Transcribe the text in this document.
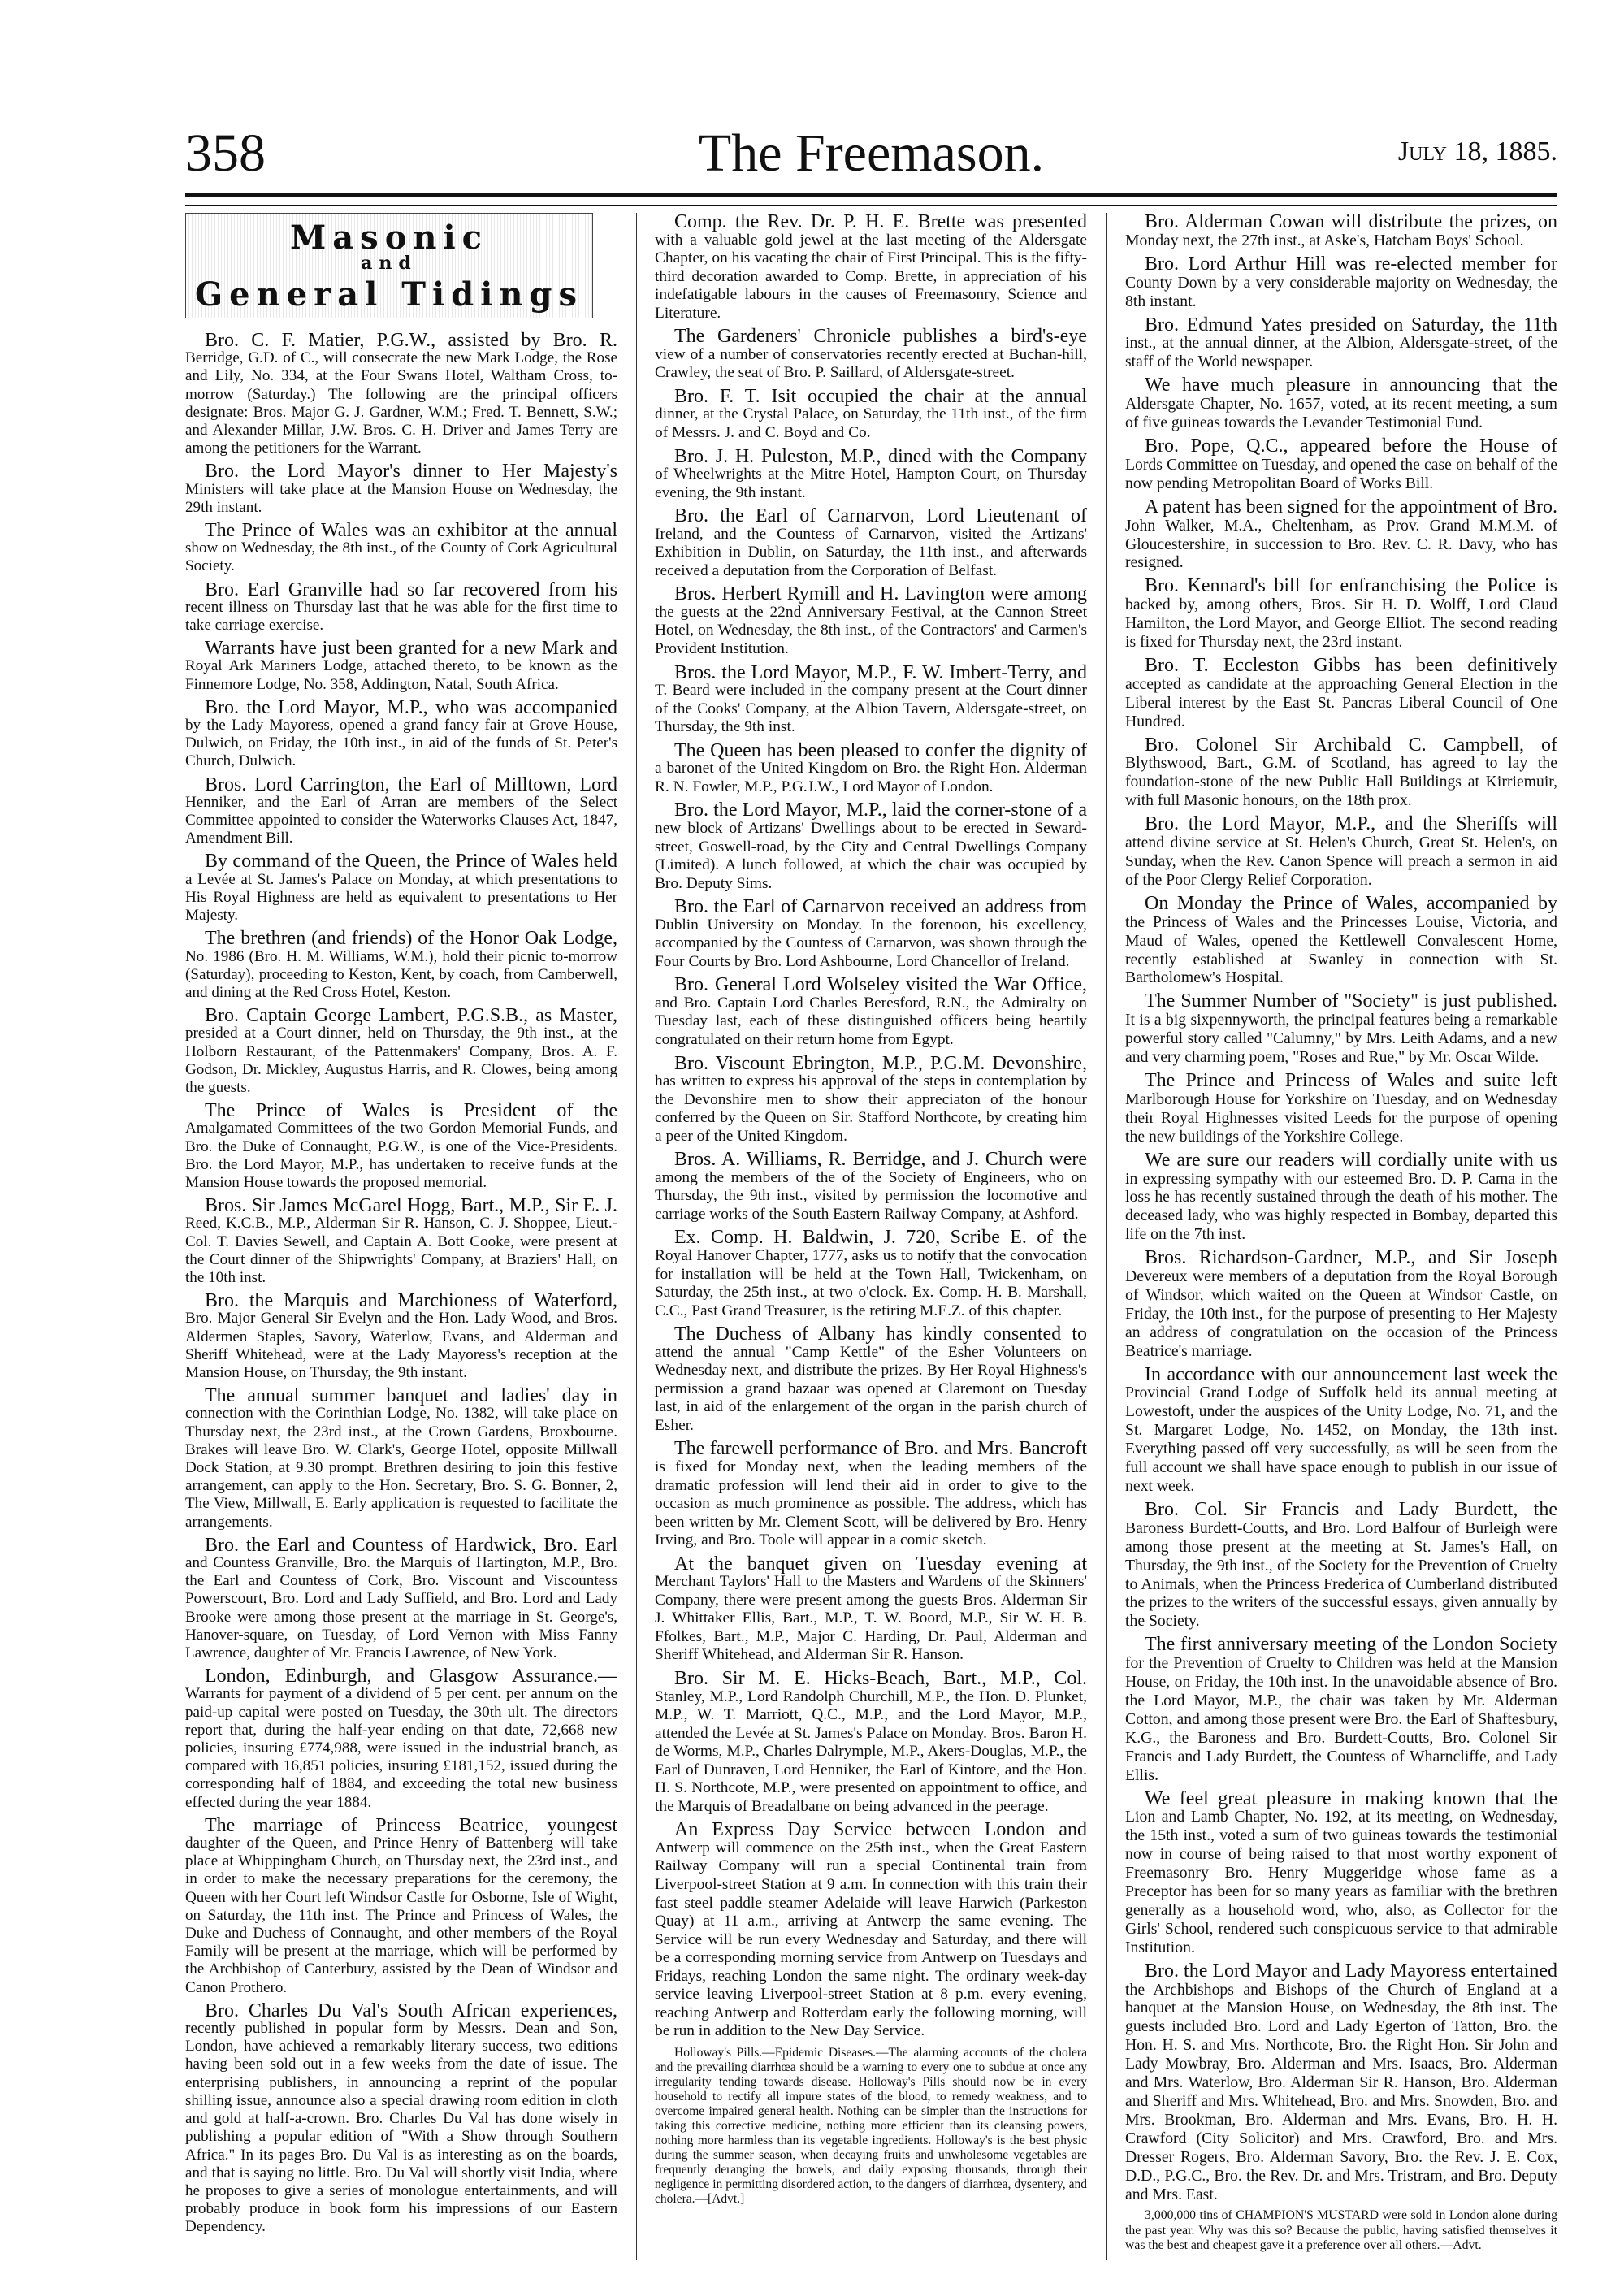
358	The Freemason.	July 18, 1885.
Masonic
and
General Tidings

Bro. C. F. Matier, P.G.W., assisted by Bro. R. Berridge, G.D. of C., will consecrate the new Mark Lodge, the Rose and Lily, No. 334, at the Four Swans Hotel, Waltham Cross, to-morrow (Saturday.) The following are the principal officers designate: Bros. Major G. J. Gardner, W.M.; Fred. T. Bennett, S.W.; and Alexander Millar, J.W. Bros. C. H. Driver and James Terry are among the petitioners for the Warrant.

Bro. the Lord Mayor's dinner to Her Majesty's Ministers will take place at the Mansion House on Wednesday, the 29th instant.

The Prince of Wales was an exhibitor at the annual show on Wednesday, the 8th inst., of the County of Cork Agricultural Society.

Bro. Earl Granville had so far recovered from his recent illness on Thursday last that he was able for the first time to take carriage exercise.

Warrants have just been granted for a new Mark and Royal Ark Mariners Lodge, attached thereto, to be known as the Finnemore Lodge, No. 358, Addington, Natal, South Africa.

Bro. the Lord Mayor, M.P., who was accompanied by the Lady Mayoress, opened a grand fancy fair at Grove House, Dulwich, on Friday, the 10th inst., in aid of the funds of St. Peter's Church, Dulwich.

Bros. Lord Carrington, the Earl of Milltown, Lord Henniker, and the Earl of Arran are members of the Select Committee appointed to consider the Waterworks Clauses Act, 1847, Amendment Bill.

By command of the Queen, the Prince of Wales held a Levée at St. James's Palace on Monday, at which presentations to His Royal Highness are held as equivalent to presentations to Her Majesty.

The brethren (and friends) of the Honor Oak Lodge, No. 1986 (Bro. H. M. Williams, W.M.), hold their picnic to-morrow (Saturday), proceeding to Keston, Kent, by coach, from Camberwell, and dining at the Red Cross Hotel, Keston.

Bro. Captain George Lambert, P.G.S.B., as Master, presided at a Court dinner, held on Thursday, the 9th inst., at the Holborn Restaurant, of the Pattenmakers' Company, Bros. A. F. Godson, Dr. Mickley, Augustus Harris, and R. Clowes, being among the guests.

The Prince of Wales is President of the Amalgamated Committees of the two Gordon Memorial Funds, and Bro. the Duke of Connaught, P.G.W., is one of the Vice-Presidents. Bro. the Lord Mayor, M.P., has undertaken to receive funds at the Mansion House towards the proposed memorial.

Bros. Sir James McGarel Hogg, Bart., M.P., Sir E. J. Reed, K.C.B., M.P., Alderman Sir R. Hanson, C. J. Shoppee, Lieut.-Col. T. Davies Sewell, and Captain A. Bott Cooke, were present at the Court dinner of the Shipwrights' Company, at Braziers' Hall, on the 10th inst.

Bro. the Marquis and Marchioness of Waterford, Bro. Major General Sir Evelyn and the Hon. Lady Wood, and Bros. Aldermen Staples, Savory, Waterlow, Evans, and Alderman and Sheriff Whitehead, were at the Lady Mayoress's reception at the Mansion House, on Thursday, the 9th instant.

The annual summer banquet and ladies' day in connection with the Corinthian Lodge, No. 1382, will take place on Thursday next, the 23rd inst., at the Crown Gardens, Broxbourne. Brakes will leave Bro. W. Clark's, George Hotel, opposite Millwall Dock Station, at 9.30 prompt. Brethren desiring to join this festive arrangement, can apply to the Hon. Secretary, Bro. S. G. Bonner, 2, The View, Millwall, E. Early application is requested to facilitate the arrangements.

Bro. the Earl and Countess of Hardwick, Bro. Earl and Countess Granville, Bro. the Marquis of Hartington, M.P., Bro. the Earl and Countess of Cork, Bro. Viscount and Viscountess Powerscourt, Bro. Lord and Lady Suffield, and Bro. Lord and Lady Brooke were among those present at the marriage in St. George's, Hanover-square, on Tuesday, of Lord Vernon with Miss Fanny Lawrence, daughter of Mr. Francis Lawrence, of New York.

London, Edinburgh, and Glasgow Assurance.—Warrants for payment of a dividend of 5 per cent. per annum on the paid-up capital were posted on Tuesday, the 30th ult. The directors report that, during the half-year ending on that date, 72,668 new policies, insuring £774,988, were issued in the industrial branch, as compared with 16,851 policies, insuring £181,152, issued during the corresponding half of 1884, and exceeding the total new business effected during the year 1884.

The marriage of Princess Beatrice, youngest daughter of the Queen, and Prince Henry of Battenberg will take place at Whippingham Church, on Thursday next, the 23rd inst., and in order to make the necessary preparations for the ceremony, the Queen with her Court left Windsor Castle for Osborne, Isle of Wight, on Saturday, the 11th inst. The Prince and Princess of Wales, the Duke and Duchess of Connaught, and other members of the Royal Family will be present at the marriage, which will be performed by the Archbishop of Canterbury, assisted by the Dean of Windsor and Canon Prothero.

Bro. Charles Du Val's South African experiences, recently published in popular form by Messrs. Dean and Son, London, have achieved a remarkably literary success, two editions having been sold out in a few weeks from the date of issue. The enterprising publishers, in announcing a reprint of the popular shilling issue, announce also a special drawing room edition in cloth and gold at half-a-crown. Bro. Charles Du Val has done wisely in publishing a popular edition of "With a Show through Southern Africa." In its pages Bro. Du Val is as interesting as on the boards, and that is saying no little. Bro. Du Val will shortly visit India, where he proposes to give a series of monologue entertainments, and will probably produce in book form his impressions of our Eastern Dependency.

Comp. the Rev. Dr. P. H. E. Brette was presented with a valuable gold jewel at the last meeting of the Aldersgate Chapter, on his vacating the chair of First Principal. This is the fifty-third decoration awarded to Comp. Brette, in appreciation of his indefatigable labours in the causes of Freemasonry, Science and Literature.

The Gardeners' Chronicle publishes a bird's-eye view of a number of conservatories recently erected at Buchan-hill, Crawley, the seat of Bro. P. Saillard, of Aldersgate-street.

Bro. F. T. Isit occupied the chair at the annual dinner, at the Crystal Palace, on Saturday, the 11th inst., of the firm of Messrs. J. and C. Boyd and Co.

Bro. J. H. Puleston, M.P., dined with the Company of Wheelwrights at the Mitre Hotel, Hampton Court, on Thursday evening, the 9th instant.

Bro. the Earl of Carnarvon, Lord Lieutenant of Ireland, and the Countess of Carnarvon, visited the Artizans' Exhibition in Dublin, on Saturday, the 11th inst., and afterwards received a deputation from the Corporation of Belfast.

Bros. Herbert Rymill and H. Lavington were among the guests at the 22nd Anniversary Festival, at the Cannon Street Hotel, on Wednesday, the 8th inst., of the Contractors' and Carmen's Provident Institution.

Bros. the Lord Mayor, M.P., F. W. Imbert-Terry, and T. Beard were included in the company present at the Court dinner of the Cooks' Company, at the Albion Tavern, Aldersgate-street, on Thursday, the 9th inst.

The Queen has been pleased to confer the dignity of a baronet of the United Kingdom on Bro. the Right Hon. Alderman R. N. Fowler, M.P., P.G.J.W., Lord Mayor of London.

Bro. the Lord Mayor, M.P., laid the corner-stone of a new block of Artizans' Dwellings about to be erected in Seward-street, Goswell-road, by the City and Central Dwellings Company (Limited). A lunch followed, at which the chair was occupied by Bro. Deputy Sims.

Bro. the Earl of Carnarvon received an address from Dublin University on Monday. In the forenoon, his excellency, accompanied by the Countess of Carnarvon, was shown through the Four Courts by Bro. Lord Ashbourne, Lord Chancellor of Ireland.

Bro. General Lord Wolseley visited the War Office, and Bro. Captain Lord Charles Beresford, R.N., the Admiralty on Tuesday last, each of these distinguished officers being heartily congratulated on their return home from Egypt.

Bro. Viscount Ebrington, M.P., P.G.M. Devonshire, has written to express his approval of the steps in contemplation by the Devonshire men to show their appreciaton of the honour conferred by the Queen on Sir. Stafford Northcote, by creating him a peer of the United Kingdom.

Bros. A. Williams, R. Berridge, and J. Church were among the members of the of the Society of Engineers, who on Thursday, the 9th inst., visited by permission the locomotive and carriage works of the South Eastern Railway Company, at Ashford.

Ex. Comp. H. Baldwin, J. 720, Scribe E. of the Royal Hanover Chapter, 1777, asks us to notify that the convocation for installation will be held at the Town Hall, Twickenham, on Saturday, the 25th inst., at two o'clock. Ex. Comp. H. B. Marshall, C.C., Past Grand Treasurer, is the retiring M.E.Z. of this chapter.

The Duchess of Albany has kindly consented to attend the annual "Camp Kettle" of the Esher Volunteers on Wednesday next, and distribute the prizes. By Her Royal Highness's permission a grand bazaar was opened at Claremont on Tuesday last, in aid of the enlargement of the organ in the parish church of Esher.

The farewell performance of Bro. and Mrs. Bancroft is fixed for Monday next, when the leading members of the dramatic profession will lend their aid in order to give to the occasion as much prominence as possible. The address, which has been written by Mr. Clement Scott, will be delivered by Bro. Henry Irving, and Bro. Toole will appear in a comic sketch.

At the banquet given on Tuesday evening at Merchant Taylors' Hall to the Masters and Wardens of the Skinners' Company, there were present among the guests Bros. Alderman Sir J. Whittaker Ellis, Bart., M.P., T. W. Boord, M.P., Sir W. H. B. Ffolkes, Bart., M.P., Major C. Harding, Dr. Paul, Alderman and Sheriff Whitehead, and Alderman Sir R. Hanson.

Bro. Sir M. E. Hicks-Beach, Bart., M.P., Col. Stanley, M.P., Lord Randolph Churchill, M.P., the Hon. D. Plunket, M.P., W. T. Marriott, Q.C., M.P., and the Lord Mayor, M.P., attended the Levée at St. James's Palace on Monday. Bros. Baron H. de Worms, M.P., Charles Dalrymple, M.P., Akers-Douglas, M.P., the Earl of Dunraven, Lord Henniker, the Earl of Kintore, and the Hon. H. S. Northcote, M.P., were presented on appointment to office, and the Marquis of Breadalbane on being advanced in the peerage.

An Express Day Service between London and Antwerp will commence on the 25th inst., when the Great Eastern Railway Company will run a special Continental train from Liverpool-street Station at 9 a.m. In connection with this train their fast steel paddle steamer Adelaide will leave Harwich (Parkeston Quay) at 11 a.m., arriving at Antwerp the same evening. The Service will be run every Wednesday and Saturday, and there will be a corresponding morning service from Antwerp on Tuesdays and Fridays, reaching London the same night. The ordinary week-day service leaving Liverpool-street Station at 8 p.m. every evening, reaching Antwerp and Rotterdam early the following morning, will be run in addition to the New Day Service.

Holloway's Pills.—Epidemic Diseases.—The alarming accounts of the cholera and the prevailing diarrhœa should be a warning to every one to subdue at once any irregularity tending towards disease. Holloway's Pills should now be in every household to rectify all impure states of the blood, to remedy weakness, and to overcome impaired general health. Nothing can be simpler than the instructions for taking this corrective medicine, nothing more efficient than its cleansing powers, nothing more harmless than its vegetable ingredients. Holloway's is the best physic during the summer season, when decaying fruits and unwholesome vegetables are frequently deranging the bowels, and daily exposing thousands, through their negligence in permitting disordered action, to the dangers of diarrhœa, dysentery, and cholera.—[Advt.]

Bro. Alderman Cowan will distribute the prizes, on Monday next, the 27th inst., at Aske's, Hatcham Boys' School.

Bro. Lord Arthur Hill was re-elected member for County Down by a very considerable majority on Wednesday, the 8th instant.

Bro. Edmund Yates presided on Saturday, the 11th inst., at the annual dinner, at the Albion, Aldersgate-street, of the staff of the World newspaper.

We have much pleasure in announcing that the Aldersgate Chapter, No. 1657, voted, at its recent meeting, a sum of five guineas towards the Levander Testimonial Fund.

Bro. Pope, Q.C., appeared before the House of Lords Committee on Tuesday, and opened the case on behalf of the now pending Metropolitan Board of Works Bill.

A patent has been signed for the appointment of Bro. John Walker, M.A., Cheltenham, as Prov. Grand M.M.M. of Gloucestershire, in succession to Bro. Rev. C. R. Davy, who has resigned.

Bro. Kennard's bill for enfranchising the Police is backed by, among others, Bros. Sir H. D. Wolff, Lord Claud Hamilton, the Lord Mayor, and George Elliot. The second reading is fixed for Thursday next, the 23rd instant.

Bro. T. Eccleston Gibbs has been definitively accepted as candidate at the approaching General Election in the Liberal interest by the East St. Pancras Liberal Council of One Hundred.

Bro. Colonel Sir Archibald C. Campbell, of Blythswood, Bart., G.M. of Scotland, has agreed to lay the foundation-stone of the new Public Hall Buildings at Kirriemuir, with full Masonic honours, on the 18th prox.

Bro. the Lord Mayor, M.P., and the Sheriffs will attend divine service at St. Helen's Church, Great St. Helen's, on Sunday, when the Rev. Canon Spence will preach a sermon in aid of the Poor Clergy Relief Corporation.

On Monday the Prince of Wales, accompanied by the Princess of Wales and the Princesses Louise, Victoria, and Maud of Wales, opened the Kettlewell Convalescent Home, recently established at Swanley in connection with St. Bartholomew's Hospital.

The Summer Number of "Society" is just published. It is a big sixpennyworth, the principal features being a remarkable powerful story called "Calumny," by Mrs. Leith Adams, and a new and very charming poem, "Roses and Rue," by Mr. Oscar Wilde.

The Prince and Princess of Wales and suite left Marlborough House for Yorkshire on Tuesday, and on Wednesday their Royal Highnesses visited Leeds for the purpose of opening the new buildings of the Yorkshire College.

We are sure our readers will cordially unite with us in expressing sympathy with our esteemed Bro. D. P. Cama in the loss he has recently sustained through the death of his mother. The deceased lady, who was highly respected in Bombay, departed this life on the 7th inst.

Bros. Richardson-Gardner, M.P., and Sir Joseph Devereux were members of a deputation from the Royal Borough of Windsor, which waited on the Queen at Windsor Castle, on Friday, the 10th inst., for the purpose of presenting to Her Majesty an address of congratulation on the occasion of the Princess Beatrice's marriage.

In accordance with our announcement last week the Provincial Grand Lodge of Suffolk held its annual meeting at Lowestoft, under the auspices of the Unity Lodge, No. 71, and the St. Margaret Lodge, No. 1452, on Monday, the 13th inst. Everything passed off very successfully, as will be seen from the full account we shall have space enough to publish in our issue of next week.

Bro. Col. Sir Francis and Lady Burdett, the Baroness Burdett-Coutts, and Bro. Lord Balfour of Burleigh were among those present at the meeting at St. James's Hall, on Thursday, the 9th inst., of the Society for the Prevention of Cruelty to Animals, when the Princess Frederica of Cumberland distributed the prizes to the writers of the successful essays, given annually by the Society.

The first anniversary meeting of the London Society for the Prevention of Cruelty to Children was held at the Mansion House, on Friday, the 10th inst. In the unavoidable absence of Bro. the Lord Mayor, M.P., the chair was taken by Mr. Alderman Cotton, and among those present were Bro. the Earl of Shaftesbury, K.G., the Baroness and Bro. Burdett-Coutts, Bro. Colonel Sir Francis and Lady Burdett, the Countess of Wharncliffe, and Lady Ellis.

We feel great pleasure in making known that the Lion and Lamb Chapter, No. 192, at its meeting, on Wednesday, the 15th inst., voted a sum of two guineas towards the testimonial now in course of being raised to that most worthy exponent of Freemasonry—Bro. Henry Muggeridge—whose fame as a Preceptor has been for so many years as familiar with the brethren generally as a household word, who, also, as Collector for the Girls' School, rendered such conspicuous service to that admirable Institution.

Bro. the Lord Mayor and Lady Mayoress entertained the Archbishops and Bishops of the Church of England at a banquet at the Mansion House, on Wednesday, the 8th inst. The guests included Bro. Lord and Lady Egerton of Tatton, Bro. the Hon. H. S. and Mrs. Northcote, Bro. the Right Hon. Sir John and Lady Mowbray, Bro. Alderman and Mrs. Isaacs, Bro. Alderman and Mrs. Waterlow, Bro. Alderman Sir R. Hanson, Bro. Alderman and Sheriff and Mrs. Whitehead, Bro. and Mrs. Snowden, Bro. and Mrs. Brookman, Bro. Alderman and Mrs. Evans, Bro. H. H. Crawford (City Solicitor) and Mrs. Crawford, Bro. and Mrs. Dresser Rogers, Bro. Alderman Savory, Bro. the Rev. J. E. Cox, D.D., P.G.C., Bro. the Rev. Dr. and Mrs. Tristram, and Bro. Deputy and Mrs. East.

3,000,000 tins of CHAMPION'S MUSTARD were sold in London alone during the past year. Why was this so? Because the public, having satisfied themselves it was the best and cheapest gave it a preference over all others.—Advt.
